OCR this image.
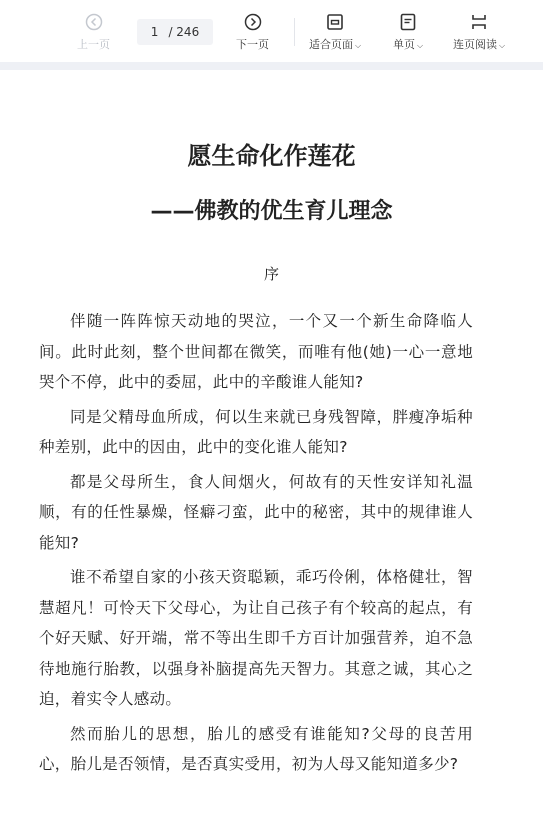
上一页
1 / 246
下一页	适合页面 ⌵	单页 ⌵	连页阅读 ⌵
愿生命化作莲花
——佛教的优生育儿理念
序

伴随一阵阵惊天动地的哭泣，一个又一个新生命降临人间。此时此刻，整个世间都在微笑，而唯有他(她)一心一意地哭个不停，此中的委屈，此中的辛酸谁人能知?

同是父精母血所成，何以生来就已身残智障，胖瘦净垢种种差别，此中的因由，此中的变化谁人能知?

都是父母所生，食人间烟火，何故有的天性安详知礼温顺，有的任性暴燥，怪癖刁蛮，此中的秘密，其中的规律谁人能知?

谁不希望自家的小孩天资聪颖，乖巧伶俐，体格健壮，智慧超凡！可怜天下父母心，为让自己孩子有个较高的起点，有个好天赋、好开端，常不等出生即千方百计加强营养，迫不急待地施行胎教，以强身补脑提高先天智力。其意之诚，其心之迫，着实令人感动。

然而胎儿的思想，胎儿的感受有谁能知?父母的良苦用心，胎儿是否领情，是否真实受用，初为人母又能知道多少?
